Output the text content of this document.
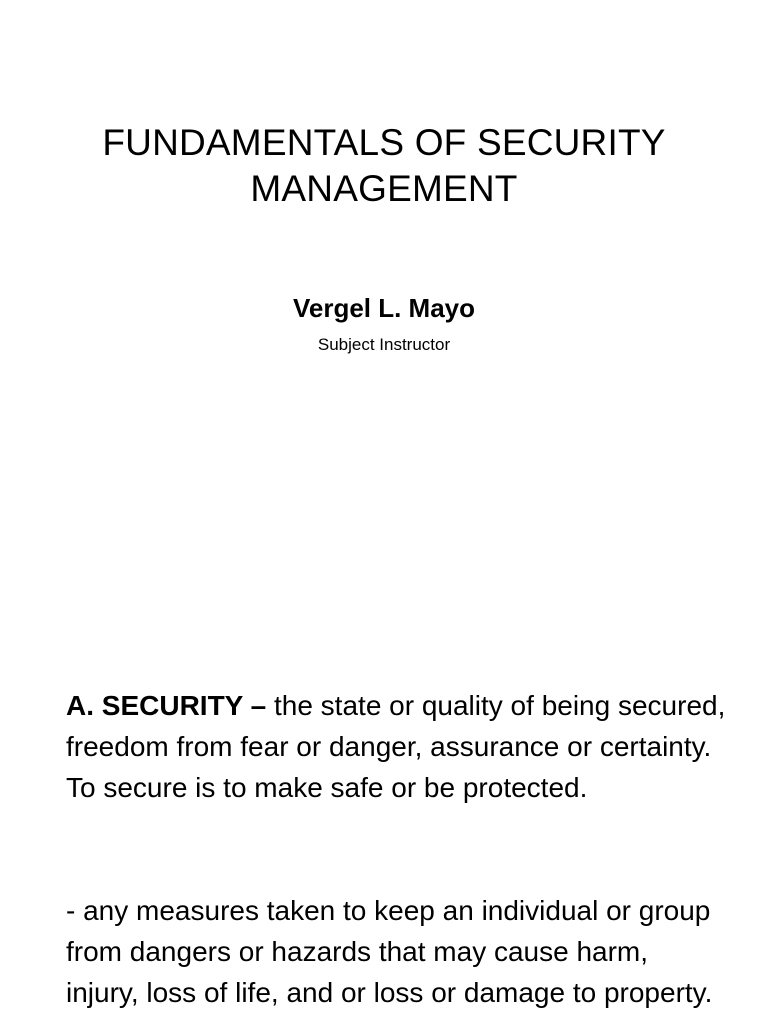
FUNDAMENTALS OF SECURITY MANAGEMENT
Vergel L. Mayo
Subject Instructor

A. SECURITY – the state or quality of being secured, freedom from fear or danger, assurance or certainty. To secure is to make safe or be protected.

- any measures taken to keep an individual or group from dangers or hazards that may cause harm, injury, loss of life, and or loss or damage to property.
